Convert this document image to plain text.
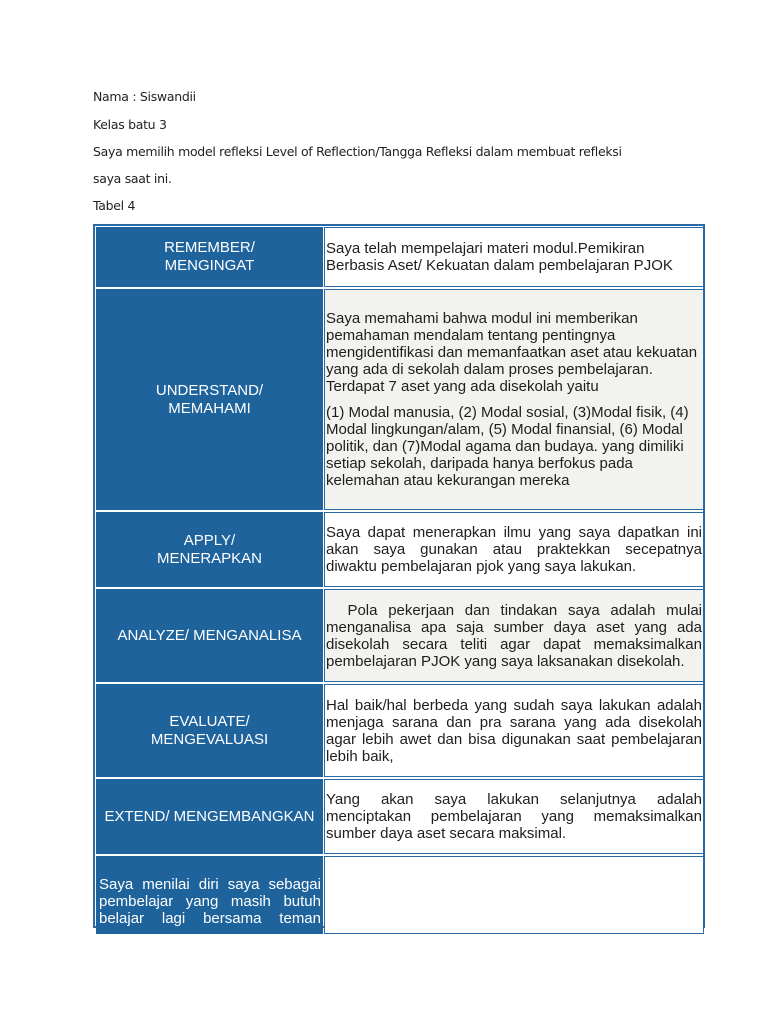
Nama : Siswandii
Kelas batu 3
Saya memilih model refleksi Level of Reflection/Tangga Refleksi dalam membuat refleksi
saya saat ini.
Tabel 4
REMEMBER/
MENGINGAT

Saya telah mempelajari materi modul.Pemikiran Berbasis Aset/ Kekuatan dalam pembelajaran PJOK

UNDERSTAND/
MEMAHAMI

Saya memahami bahwa modul ini memberikan pemahaman mendalam tentang pentingnya mengidentifikasi dan memanfaatkan aset atau kekuatan yang ada di sekolah dalam proses pembelajaran. Terdapat 7 aset yang ada disekolah yaitu

(1) Modal manusia, (2) Modal sosial, (3)Modal fisik, (4) Modal lingkungan/alam, (5) Modal finansial, (6) Modal politik, dan (7)Modal agama dan budaya. yang dimiliki setiap sekolah, daripada hanya berfokus pada kelemahan atau kekurangan mereka

APPLY/
MENERAPKAN

Saya dapat menerapkan ilmu yang saya dapatkan ini akan saya gunakan atau praktekkan secepatnya diwaktu pembelajaran pjok yang saya lakukan.

ANALYZE/ MENGANALISA

Pola pekerjaan dan tindakan saya adalah mulai menganalisa apa saja sumber daya aset yang ada disekolah secara teliti agar dapat memaksimalkan pembelajaran PJOK yang saya laksanakan disekolah.

EVALUATE/
MENGEVALUASI

Hal baik/hal berbeda yang sudah saya lakukan adalah menjaga sarana dan pra sarana yang ada disekolah agar lebih awet dan bisa digunakan saat pembelajaran lebih baik,

EXTEND/ MENGEMBANGKAN

Yang akan saya lakukan selanjutnya adalah menciptakan pembelajaran yang memaksimalkan sumber daya aset secara maksimal.

Saya menilai diri saya sebagai pembelajar yang masih butuh belajar lagi bersama teman
